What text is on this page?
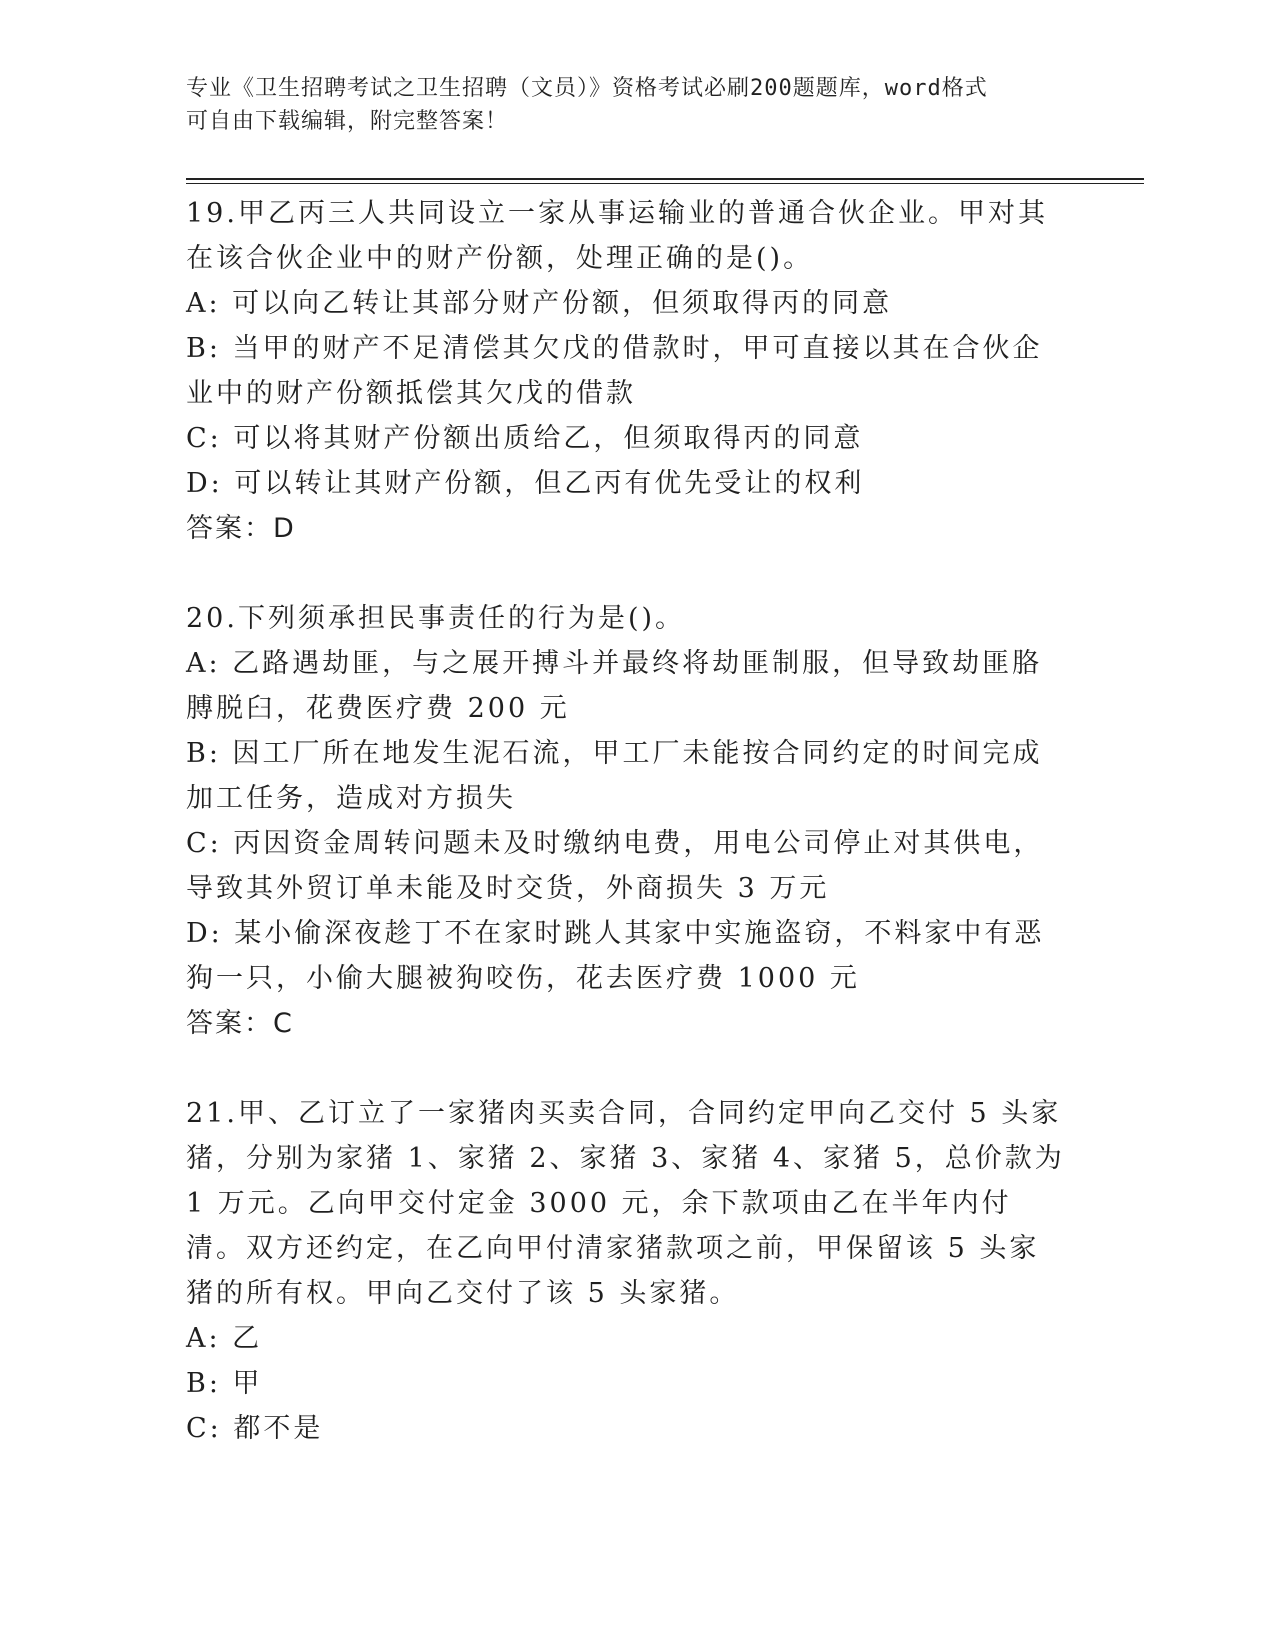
专业《卫生招聘考试之卫生招聘（文员）》资格考试必刷200题题库，word格式
可自由下载编辑，附完整答案！

19.甲乙丙三人共同设立一家从事运输业的普通合伙企业。甲对其在该合伙企业中的财产份额，处理正确的是()。

A: 可以向乙转让其部分财产份额，但须取得丙的同意

B: 当甲的财产不足清偿其欠戊的借款时，甲可直接以其在合伙企业中的财产份额抵偿其欠戊的借款

C: 可以将其财产份额出质给乙，但须取得丙的同意

D: 可以转让其财产份额，但乙丙有优先受让的权利

答案：D

20.下列须承担民事责任的行为是()。

A: 乙路遇劫匪，与之展开搏斗并最终将劫匪制服，但导致劫匪胳膊脱臼，花费医疗费 200 元

B: 因工厂所在地发生泥石流，甲工厂未能按合同约定的时间完成加工任务，造成对方损失

C: 丙因资金周转问题未及时缴纳电费，用电公司停止对其供电，导致其外贸订单未能及时交货，外商损失 3 万元

D: 某小偷深夜趁丁不在家时跳人其家中实施盗窃，不料家中有恶狗一只，小偷大腿被狗咬伤，花去医疗费 1000 元

答案：C

21.甲、乙订立了一家猪肉买卖合同，合同约定甲向乙交付 5 头家猪，分别为家猪 1、家猪 2、家猪 3、家猪 4、家猪 5，总价款为 1 万元。乙向甲交付定金 3000 元，余下款项由乙在半年内付清。双方还约定，在乙向甲付清家猪款项之前，甲保留该 5 头家猪的所有权。甲向乙交付了该 5 头家猪。

A: 乙

B: 甲

C: 都不是
